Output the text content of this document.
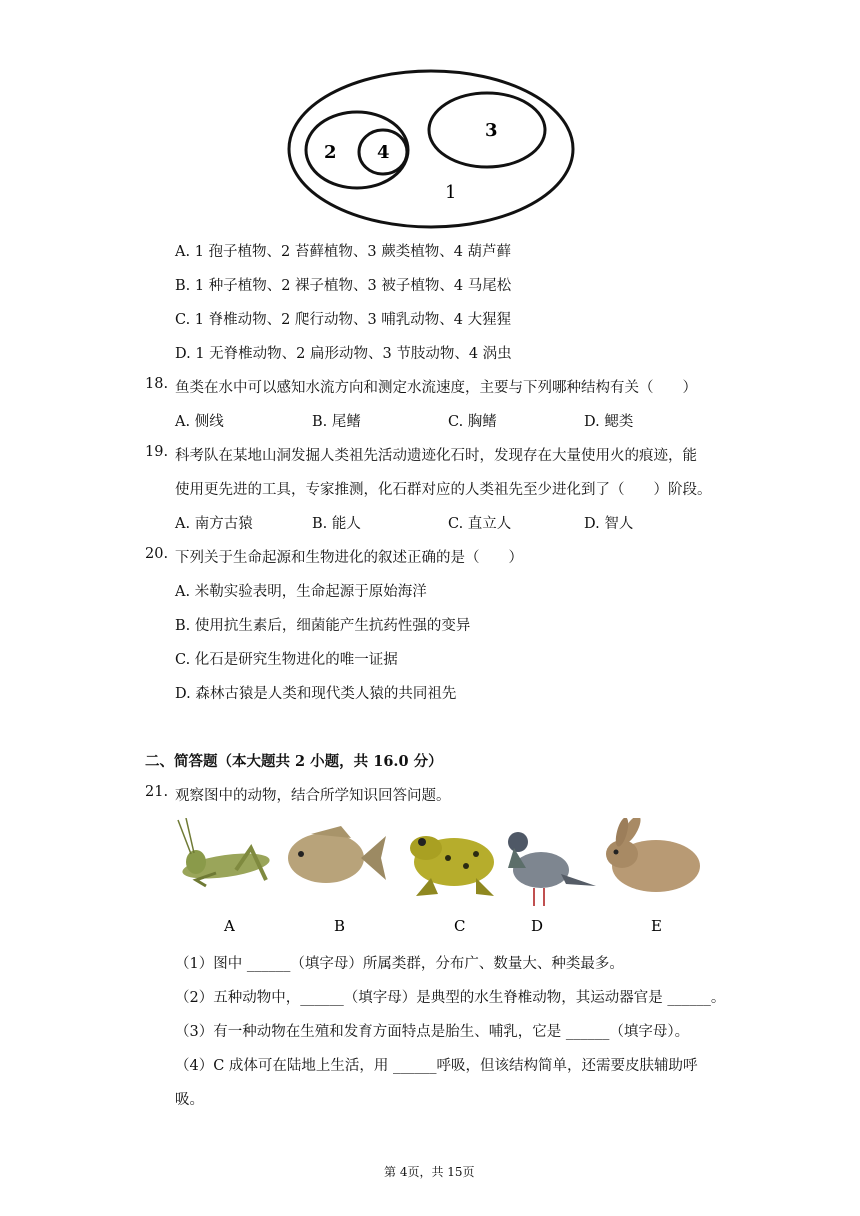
1
2
3
4
A. 1 孢子植物、2 苔藓植物、3 蕨类植物、4 葫芦藓
B. 1 种子植物、2 裸子植物、3 被子植物、4 马尾松
C. 1 脊椎动物、2 爬行动物、3 哺乳动物、4 大猩猩
D. 1 无脊椎动物、2 扁形动物、3 节肢动物、4 涡虫
18. 鱼类在水中可以感知水流方向和测定水流速度，主要与下列哪种结构有关（　　）
A. 侧线	B. 尾鳍	C. 胸鳍	D. 鳃类
19. 科考队在某地山洞发掘人类祖先活动遗迹化石时，发现存在大量使用火的痕迹，能
使用更先进的工具，专家推测，化石群对应的人类祖先至少进化到了（　　）阶段。
A. 南方古猿	B. 能人	C. 直立人	D. 智人
20. 下列关于生命起源和生物进化的叙述正确的是（　　）
A. 米勒实验表明，生命起源于原始海洋
B. 使用抗生素后，细菌能产生抗药性强的变异
C. 化石是研究生物进化的唯一证据
D. 森林古猿是人类和现代类人猿的共同祖先
二、简答题（本大题共 2 小题，共 16.0 分）
21. 观察图中的动物，结合所学知识回答问题。
A	B	C	D	E
（1）图中 ______（填字母）所属类群，分布广、数量大、种类最多。
（2）五种动物中，______（填字母）是典型的水生脊椎动物，其运动器官是 ______。
（3）有一种动物在生殖和发育方面特点是胎生、哺乳，它是 ______（填字母）。
（4）C 成体可在陆地上生活，用 ______呼吸，但该结构简单，还需要皮肤辅助呼
吸。
第 4页，共 15页
